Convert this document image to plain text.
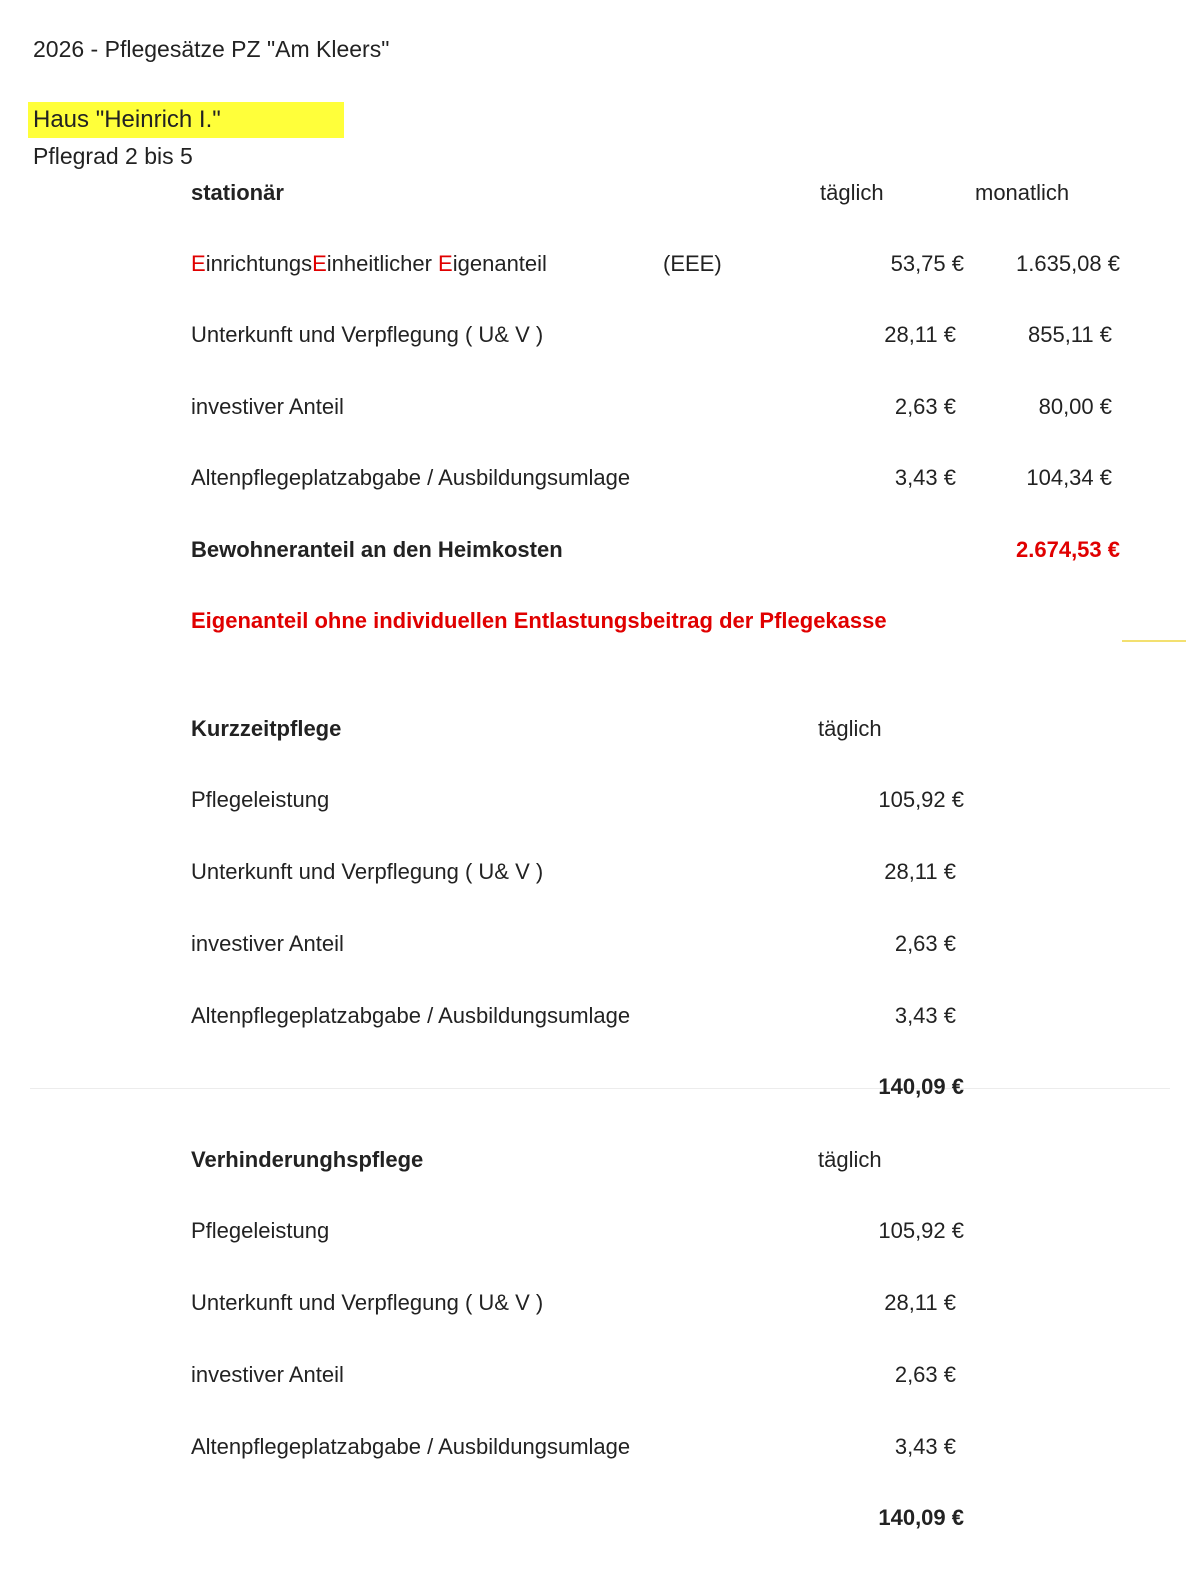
2026 - Pflegesätze PZ "Am Kleers"
Haus "Heinrich I."
Pflegrad 2 bis 5
stationär	täglich	monatlich
EinrichtungsEinheitlicher Eigenanteil	(EEE)	53,75 €	1.635,08 €
Unterkunft und Verpflegung ( U& V )	28,11 €	855,11 €
investiver Anteil	2,63 €	80,00 €
Altenpflegeplatzabgabe / Ausbildungsumlage	3,43 €	104,34 €
Bewohneranteil an den Heimkosten	2.674,53 €
Eigenanteil ohne individuellen Entlastungsbeitrag der Pflegekasse
Kurzzeitpflege	täglich
Pflegeleistung	105,92 €
Unterkunft und Verpflegung ( U& V )	28,11 €
investiver Anteil	2,63 €
Altenpflegeplatzabgabe / Ausbildungsumlage	3,43 €
140,09 €
Verhinderunghspflege	täglich
Pflegeleistung	105,92 €
Unterkunft und Verpflegung ( U& V )	28,11 €
investiver Anteil	2,63 €
Altenpflegeplatzabgabe / Ausbildungsumlage	3,43 €
140,09 €
